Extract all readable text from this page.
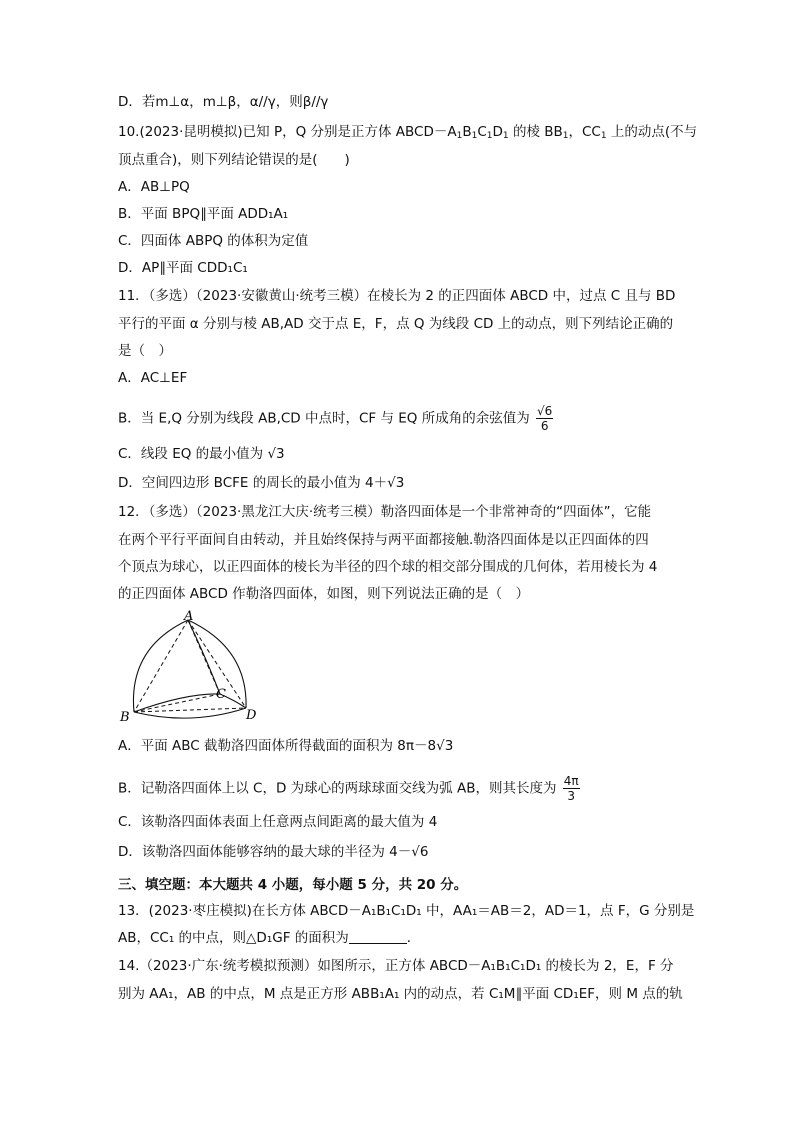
D．若m⊥α，m⊥β，α//γ，则β//γ
10.(2023·昆明模拟)已知 P，Q 分别是正方体 $ABCD-A_1B_1C_1D_1$ 的棱 $BB_1$，$CC_1$ 上的动点(不与
顶点重合)，则下列结论错误的是(　　)
A．AB⊥PQ
B．平面 BPQ∥平面 ADD₁A₁
C．四面体 ABPQ 的体积为定值
D．AP∥平面 CDD₁C₁
11．（多选）（2023·安徽黄山·统考三模）在棱长为 2 的正四面体 ABCD 中，过点 C 且与 BD
平行的平面 α 分别与棱 AB,AD 交于点 E，F，点 Q 为线段 CD 上的动点，则下列结论正确的
是（　）
A．AC⊥EF
B．当 E,Q 分别为线段 AB,CD 中点时，CF 与 EQ 所成角的余弦值为 $\frac{√6}{6}$
C．线段 EQ 的最小值为 √3
D．空间四边形 BCFE 的周长的最小值为 4＋√3
12．（多选）（2023·黑龙江大庆·统考三模）勒洛四面体是一个非常神奇的“四面体”，它能
在两个平行平面间自由转动，并且始终保持与两平面都接触.勒洛四面体是以正四面体的四
个顶点为球心，以正四面体的棱长为半径的四个球的相交部分围成的几何体，若用棱长为 4
的正四面体 ABCD 作勒洛四面体，如图，则下列说法正确的是（　）
A
B
C
D
A．平面 ABC 截勒洛四面体所得截面的面积为 8π－8√3
B．记勒洛四面体上以 C，D 为球心的两球球面交线为弧 AB，则其长度为 $\frac{4\pi}{3}$
C．该勒洛四面体表面上任意两点间距离的最大值为 4
D．该勒洛四面体能够容纳的最大球的半径为 4－√6
三、填空题：本大题共 4 小题，每小题 5 分，共 20 分。
13．(2023·枣庄模拟)在长方体 ABCD－A₁B₁C₁D₁ 中，AA₁＝AB＝2，AD＝1，点 F，G 分别是
AB，CC₁ 的中点，则△D₁GF 的面积为	．
14.（2023·广东·统考模拟预测）如图所示，正方体 ABCD－A₁B₁C₁D₁ 的棱长为 2，E，F 分
别为 AA₁，AB 的中点，M 点是正方形 ABB₁A₁ 内的动点，若 C₁M∥平面 CD₁EF，则 M 点的轨
